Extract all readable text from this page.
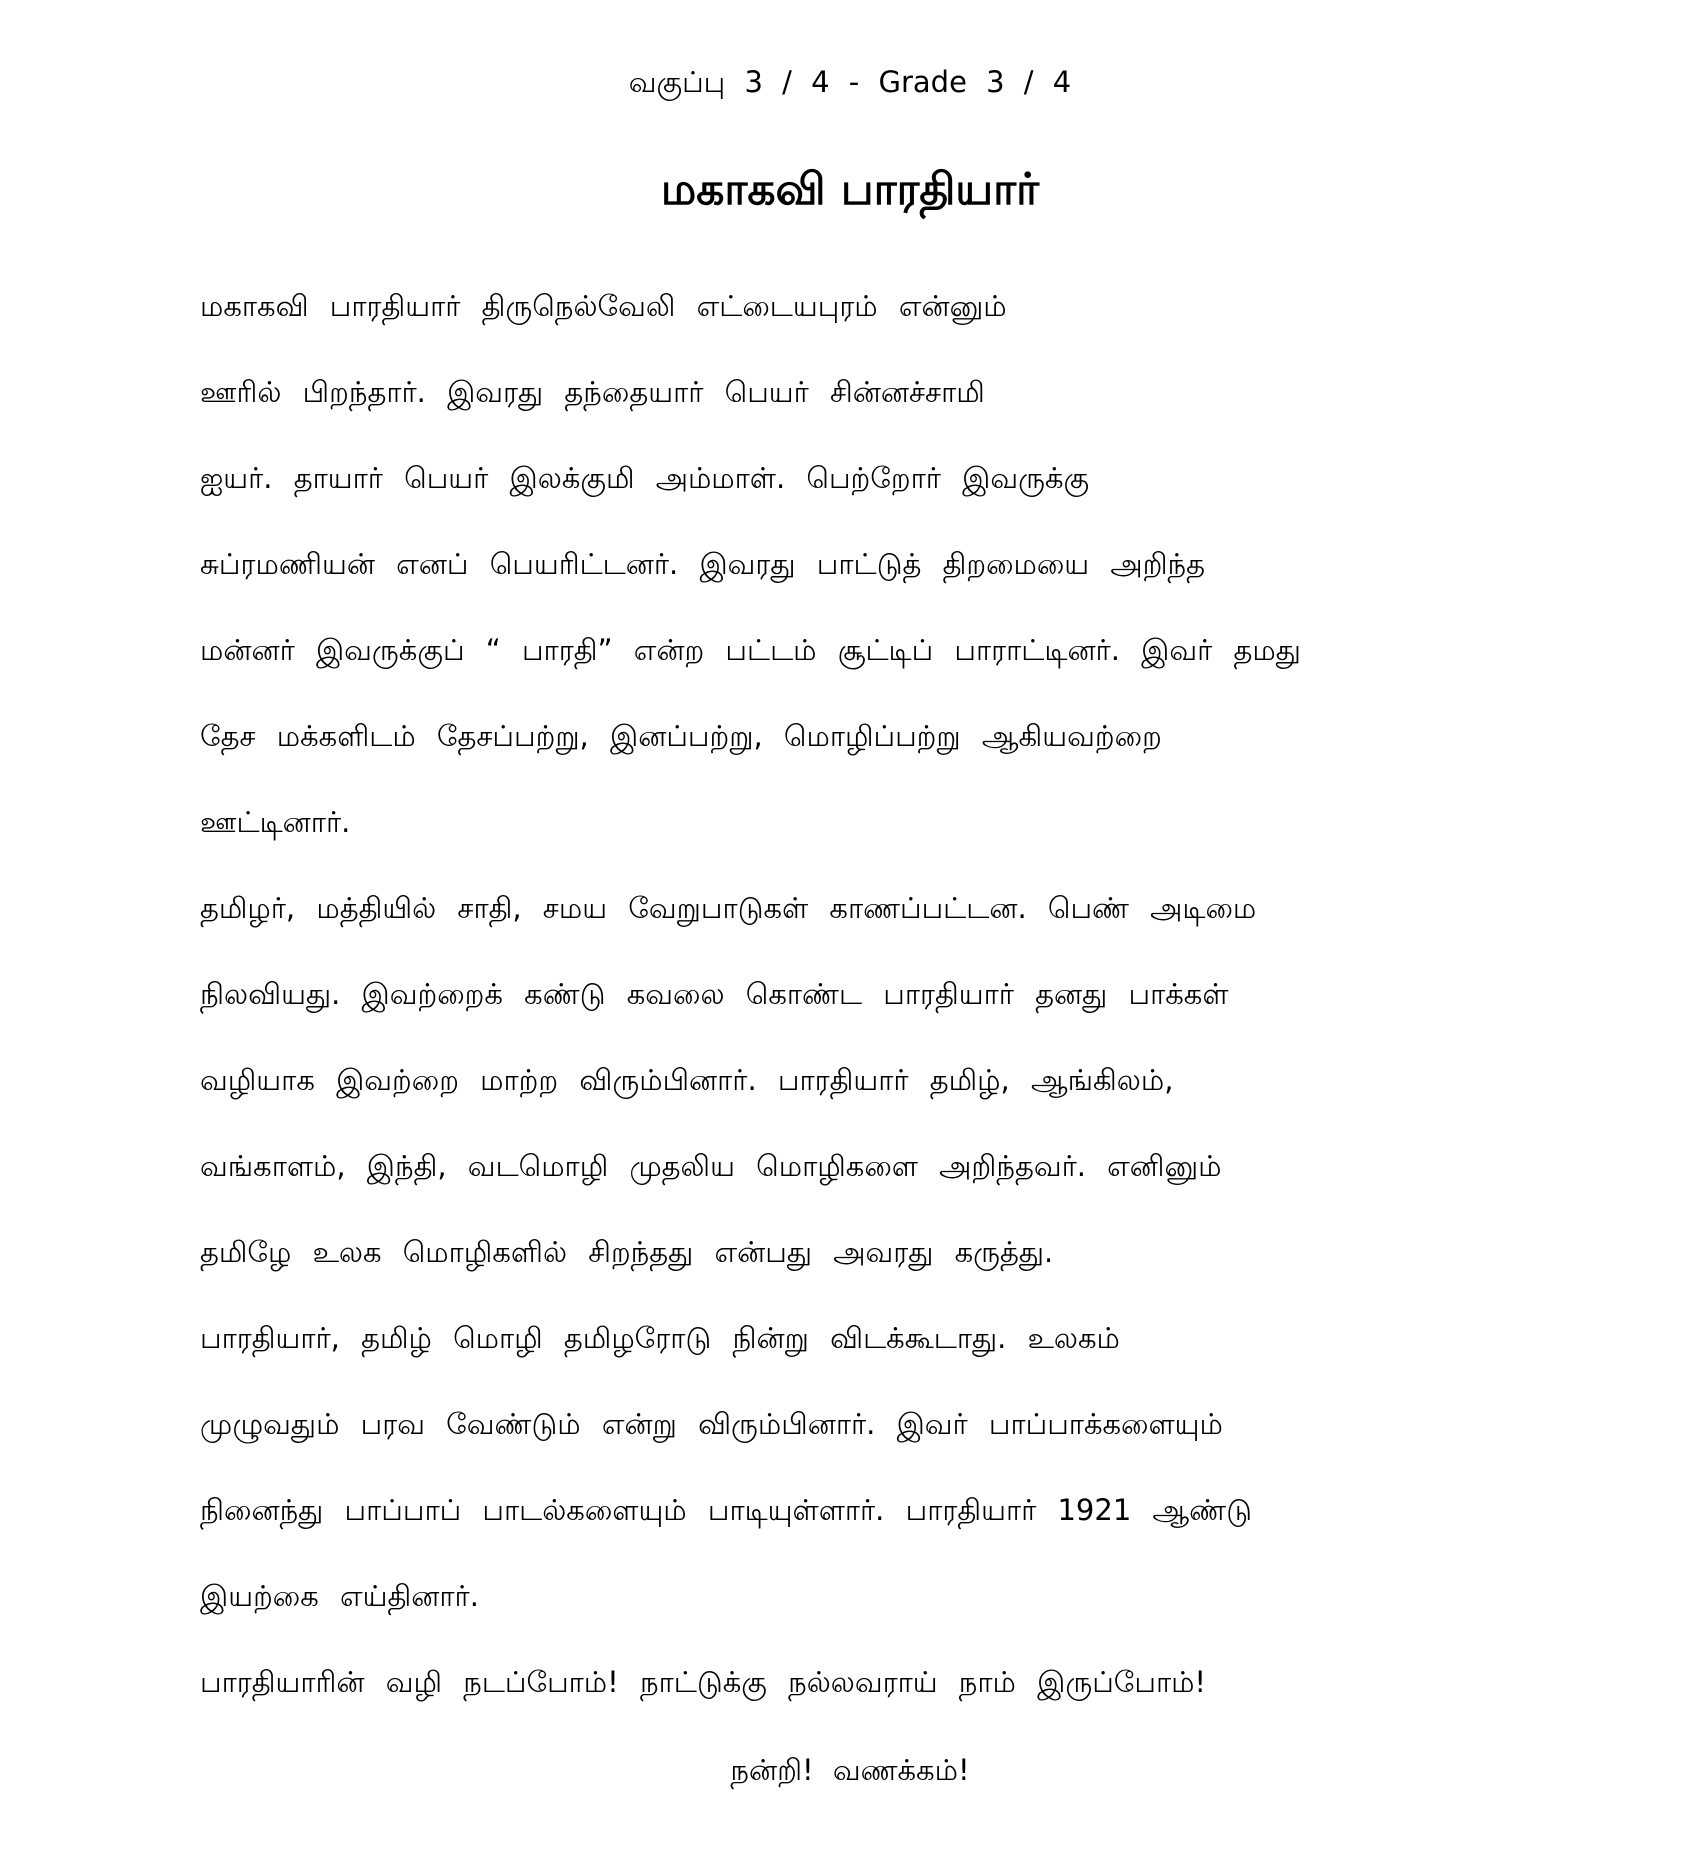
வகுப்பு 3 / 4 - Grade 3 / 4

மகாகவி பாரதியார்
மகாகவி பாரதியார் திருநெல்வேலி எட்டையபுரம் என்னும்
ஊரில் பிறந்தார். இவரது தந்தையார் பெயர் சின்னச்சாமி
ஐயர். தாயார் பெயர் இலக்குமி அம்மாள். பெற்றோர் இவருக்கு
சுப்ரமணியன் எனப் பெயரிட்டனர். இவரது பாட்டுத் திறமையை அறிந்த
மன்னர் இவருக்குப் “ பாரதி” என்ற பட்டம் சூட்டிப் பாராட்டினர். இவர் தமது
தேச மக்களிடம் தேசப்பற்று, இனப்பற்று, மொழிப்பற்று ஆகியவற்றை
ஊட்டினார்.
தமிழர், மத்தியில் சாதி, சமய வேறுபாடுகள் காணப்பட்டன. பெண் அடிமை
நிலவியது. இவற்றைக் கண்டு கவலை கொண்ட பாரதியார் தனது பாக்கள்
வழியாக இவற்றை மாற்ற விரும்பினார். பாரதியார் தமிழ், ஆங்கிலம்,
வங்காளம், இந்தி, வடமொழி முதலிய மொழிகளை அறிந்தவர். எனினும்
தமிழே உலக மொழிகளில் சிறந்தது என்பது அவரது கருத்து.
பாரதியார், தமிழ் மொழி தமிழரோடு நின்று விடக்கூடாது. உலகம்
முழுவதும் பரவ வேண்டும் என்று விரும்பினார். இவர் பாப்பாக்களையும்
நினைந்து பாப்பாப் பாடல்களையும் பாடியுள்ளார். பாரதியார் 1921 ஆண்டு
இயற்கை எய்தினார்.
பாரதியாரின் வழி நடப்போம்! நாட்டுக்கு நல்லவராய் நாம் இருப்போம்!

நன்றி! வணக்கம்!
